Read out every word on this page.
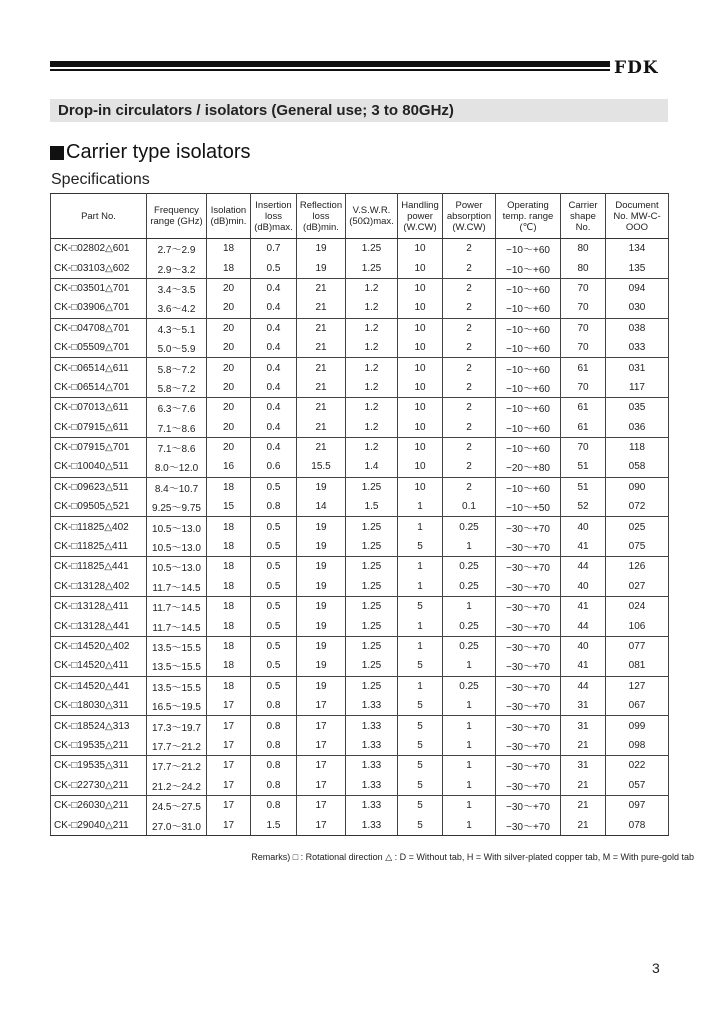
FDK
Drop-in circulators / isolators (General use; 3 to 80GHz)
Carrier type isolators
Specifications
Part No.	Frequency range (GHz)	Isolation (dB)min.	Insertion loss (dB)max.	Reflection loss (dB)min.	V.S.W.R. (50Ω)max.	Handling power (W.CW)	Power absorption (W.CW)	Operating temp. range (℃)	Carrier shape No.	Document No. MW-C-OOO
CK-□02802△601	2.7～2.9	18	0.7	19	1.25	10	2	−10～+60	80	134
CK-□03103△602	2.9～3.2	18	0.5	19	1.25	10	2	−10～+60	80	135
CK-□03501△701	3.4～3.5	20	0.4	21	1.2	10	2	−10～+60	70	094
CK-□03906△701	3.6～4.2	20	0.4	21	1.2	10	2	−10～+60	70	030
CK-□04708△701	4.3～5.1	20	0.4	21	1.2	10	2	−10～+60	70	038
CK-□05509△701	5.0～5.9	20	0.4	21	1.2	10	2	−10～+60	70	033
CK-□06514△611	5.8～7.2	20	0.4	21	1.2	10	2	−10～+60	61	031
CK-□06514△701	5.8～7.2	20	0.4	21	1.2	10	2	−10～+60	70	117
CK-□07013△611	6.3～7.6	20	0.4	21	1.2	10	2	−10～+60	61	035
CK-□07915△611	7.1～8.6	20	0.4	21	1.2	10	2	−10～+60	61	036
CK-□07915△701	7.1～8.6	20	0.4	21	1.2	10	2	−10～+60	70	118
CK-□10040△511	8.0～12.0	16	0.6	15.5	1.4	10	2	−20～+80	51	058
CK-□09623△511	8.4～10.7	18	0.5	19	1.25	10	2	−10～+60	51	090
CK-□09505△521	9.25～9.75	15	0.8	14	1.5	1	0.1	−10～+50	52	072
CK-□11825△402	10.5～13.0	18	0.5	19	1.25	1	0.25	−30～+70	40	025
CK-□11825△411	10.5～13.0	18	0.5	19	1.25	5	1	−30～+70	41	075
CK-□11825△441	10.5～13.0	18	0.5	19	1.25	1	0.25	−30～+70	44	126
CK-□13128△402	11.7～14.5	18	0.5	19	1.25	1	0.25	−30～+70	40	027
CK-□13128△411	11.7～14.5	18	0.5	19	1.25	5	1	−30～+70	41	024
CK-□13128△441	11.7～14.5	18	0.5	19	1.25	1	0.25	−30～+70	44	106
CK-□14520△402	13.5～15.5	18	0.5	19	1.25	1	0.25	−30～+70	40	077
CK-□14520△411	13.5～15.5	18	0.5	19	1.25	5	1	−30～+70	41	081
CK-□14520△441	13.5～15.5	18	0.5	19	1.25	1	0.25	−30～+70	44	127
CK-□18030△311	16.5～19.5	17	0.8	17	1.33	5	1	−30～+70	31	067
CK-□18524△313	17.3～19.7	17	0.8	17	1.33	5	1	−30～+70	31	099
CK-□19535△211	17.7～21.2	17	0.8	17	1.33	5	1	−30～+70	21	098
CK-□19535△311	17.7～21.2	17	0.8	17	1.33	5	1	−30～+70	31	022
CK-□22730△211	21.2～24.2	17	0.8	17	1.33	5	1	−30～+70	21	057
CK-□26030△211	24.5～27.5	17	0.8	17	1.33	5	1	−30～+70	21	097
CK-□29040△211	27.0～31.0	17	1.5	17	1.33	5	1	−30～+70	21	078
Remarks) □ : Rotational direction △ : D = Without tab, H = With silver-plated copper tab, M = With pure-gold tab
3
